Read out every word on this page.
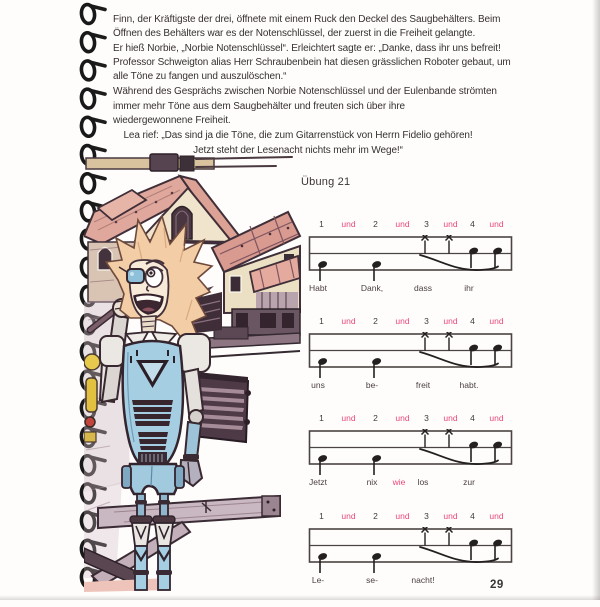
Finn, der Kräftigste der drei, öffnete mit einem Ruck den Deckel des Saugbehälters. Beim
Öffnen des Behälters war es der Notenschlüssel, der zuerst in die Freiheit gelangte.
Er hieß Norbie, „Norbie Notenschlüssel“. Erleichtert sagte er: „Danke, dass ihr uns befreit!
Professor Schweigton alias Herr Schraubenbein hat diesen grässlichen Roboter gebaut, um
alle Töne zu fangen und auszulöschen.“
Während des Gesprächs zwischen Norbie Notenschlüssel und der Eulenbande strömten
immer mehr Töne aus dem Saugbehälter und freuten sich über ihre
wiedergewonnene Freiheit.
Lea rief: „Das sind ja die Töne, die zum Gitarrenstück von Herrn Fidelio gehören!
Jetzt steht der Lesenacht nichts mehr im Wege!“
Übung 21
1 und 2 und 3 und 4 und
Habt	Dank,	dass	ihr
1 und 2 und 3 und 4 und
uns	be-	freit	habt.
1 und 2 und 3 und 4 und
Jetzt	nix wie los	zur
1 und 2 und 3 und 4 und
Le-	se-	nacht!	29
